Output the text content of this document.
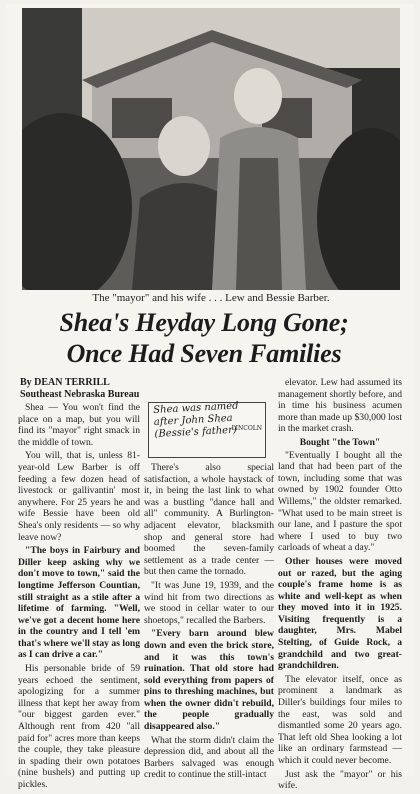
The "mayor" and his wife . . . Lew and Bessie Barber.
Shea's Heyday Long Gone;
Once Had Seven Families
By DEAN TERRILL
Southeast Nebraska Bureau

Shea — You won't find the place on a map, but you will find its "mayor" right smack in the middle of town.

You will, that is, unless 81-year-old Lew Barber is off feeding a few dozen head of livestock or gallivantin' most anywhere. For 25 years he and wife Bessie have been old Shea's only residents — so why leave now?

"The boys in Fairbury and Diller keep asking why we don't move to town," said the longtime Jefferson Countian, still straight as a stile after a lifetime of farming. "Well, we've got a decent home here in the country and I tell 'em that's where we'll stay as long as I can drive a car."

His personable bride of 59 years echoed the sentiment, apologizing for a summer illness that kept her away from "our biggest garden ever." Although rent from 420 "all paid for" acres more than keeps the couple, they take pleasure in spading their own potatoes (nine bushels) and putting up pickles.

Shea was named after John Shea (Bessie's father)
LINCOLN

There's also special satisfaction, a whole haystack of it, in being the last link to what was a bustling "dance hall and all" community. A Burlington-adjacent elevator, blacksmith shop and general store had boomed the seven-family settlement as a trade center — but then came the tornado.

"It was June 19, 1939, and the wind hit from two directions as we stood in cellar water to our shoetops," recalled the Barbers.

"Every barn around blew down and even the brick store, and it was this town's ruination. That old store had sold everything from papers of pins to threshing machines, but when the owner didn't rebuild, the people gradually disappeared also."

What the storm didn't claim the depression did, and about all the Barbers salvaged was enough credit to continue the still-intact

elevator. Lew had assumed its management shortly before, and in time his business acumen more than made up $30,000 lost in the market crash.

Bought "the Town"

"Eventually I bought all the land that had been part of the town, including some that was owned by 1902 founder Otto Willems," the oldster remarked. "What used to be main street is our lane, and I pasture the spot where I used to buy two carloads of wheat a day."

Other houses were moved out or razed, but the aging couple's frame home is as white and well-kept as when they moved into it in 1925. Visiting frequently is a daughter, Mrs. Mabel Stelting, of Guide Rock, a grandchild and two great-grandchildren.

The elevator itself, once as prominent a landmark as Diller's buildings four miles to the east, was sold and dismantled some 20 years ago. That left old Shea looking a lot like an ordinary farmstead — which it could never become.

Just ask the "mayor" or his wife.
